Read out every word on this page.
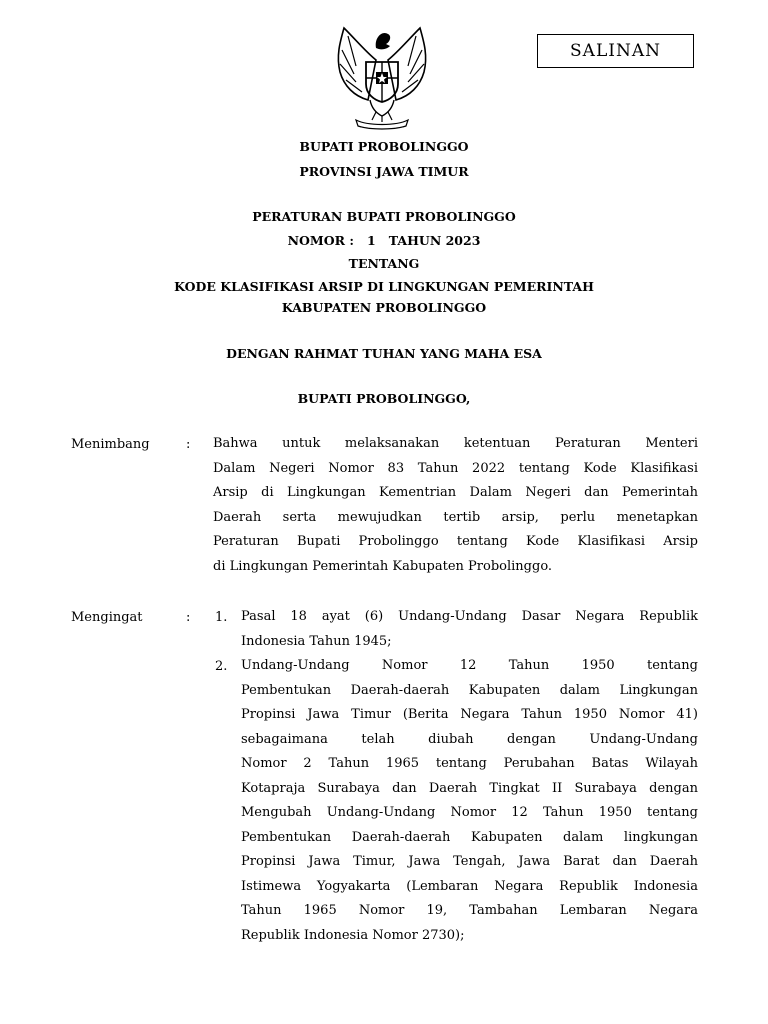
SALINAN
BUPATI PROBOLINGGO
PROVINSI JAWA TIMUR
PERATURAN BUPATI PROBOLINGGO
NOMOR :   1   TAHUN 2023
TENTANG
KODE KLASIFIKASI ARSIP DI LINGKUNGAN PEMERINTAH
KABUPATEN PROBOLINGGO
DENGAN RAHMAT TUHAN YANG MAHA ESA
BUPATI PROBOLINGGO,
Menimbang	: Bahwa untuk melaksanakan ketentuan Peraturan Menteri
Dalam Negeri Nomor 83 Tahun 2022 tentang Kode Klasifikasi
Arsip di Lingkungan Kementrian Dalam Negeri dan Pemerintah
Daerah serta mewujudkan tertib arsip, perlu menetapkan
Peraturan Bupati Probolinggo tentang Kode Klasifikasi Arsip
di Lingkungan Pemerintah Kabupaten Probolinggo.
Mengingat	: 1. Pasal 18 ayat (6) Undang-Undang Dasar Negara Republik
Indonesia Tahun 1945;
2. Undang-Undang Nomor 12 Tahun 1950 tentang
Pembentukan Daerah-daerah Kabupaten dalam Lingkungan
Propinsi Jawa Timur (Berita Negara Tahun 1950 Nomor 41)
sebagaimana telah diubah dengan Undang-Undang
Nomor 2 Tahun 1965 tentang Perubahan Batas Wilayah
Kotapraja Surabaya dan Daerah Tingkat II Surabaya dengan
Mengubah Undang-Undang Nomor 12 Tahun 1950 tentang
Pembentukan Daerah-daerah Kabupaten dalam lingkungan
Propinsi Jawa Timur, Jawa Tengah, Jawa Barat dan Daerah
Istimewa Yogyakarta (Lembaran Negara Republik Indonesia
Tahun 1965 Nomor 19, Tambahan Lembaran Negara
Republik Indonesia Nomor 2730);
